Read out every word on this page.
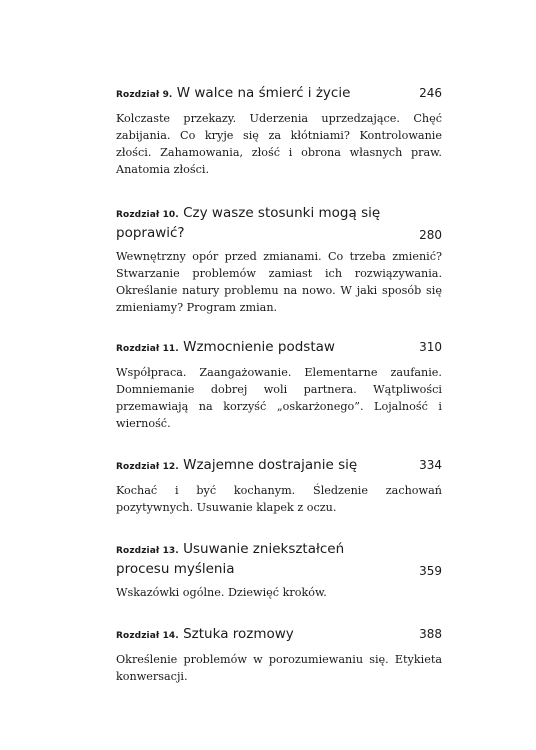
Rozdział 9. W walce na śmierć i życie	246
Kolczaste przekazy. Uderzenia uprzedzające. Chęć zabijania. Co kryje się za kłótniami? Kontrolowanie złości. Zahamowania, złość i obrona własnych praw. Anatomia złości.
Rozdział 10. Czy wasze stosunki mogą się poprawić?	280
Wewnętrzny opór przed zmianami. Co trzeba zmienić? Stwarzanie problemów zamiast ich rozwiązywania. Określanie natury problemu na nowo. W jaki sposób się zmieniamy? Program zmian.
Rozdział 11. Wzmocnienie podstaw	310
Współpraca. Zaangażowanie. Elementarne zaufanie. Domniemanie dobrej woli partnera. Wątpliwości przemawiają na korzyść „oskarżonego”. Lojalność i wierność.
Rozdział 12. Wzajemne dostrajanie się	334
Kochać i być kochanym. Śledzenie zachowań pozytywnych. Usuwanie klapek z oczu.
Rozdział 13. Usuwanie zniekształceń procesu myślenia	359
Wskazówki ogólne. Dziewięć kroków.
Rozdział 14. Sztuka rozmowy	388
Określenie problemów w porozumiewaniu się. Etykieta konwersacji.
